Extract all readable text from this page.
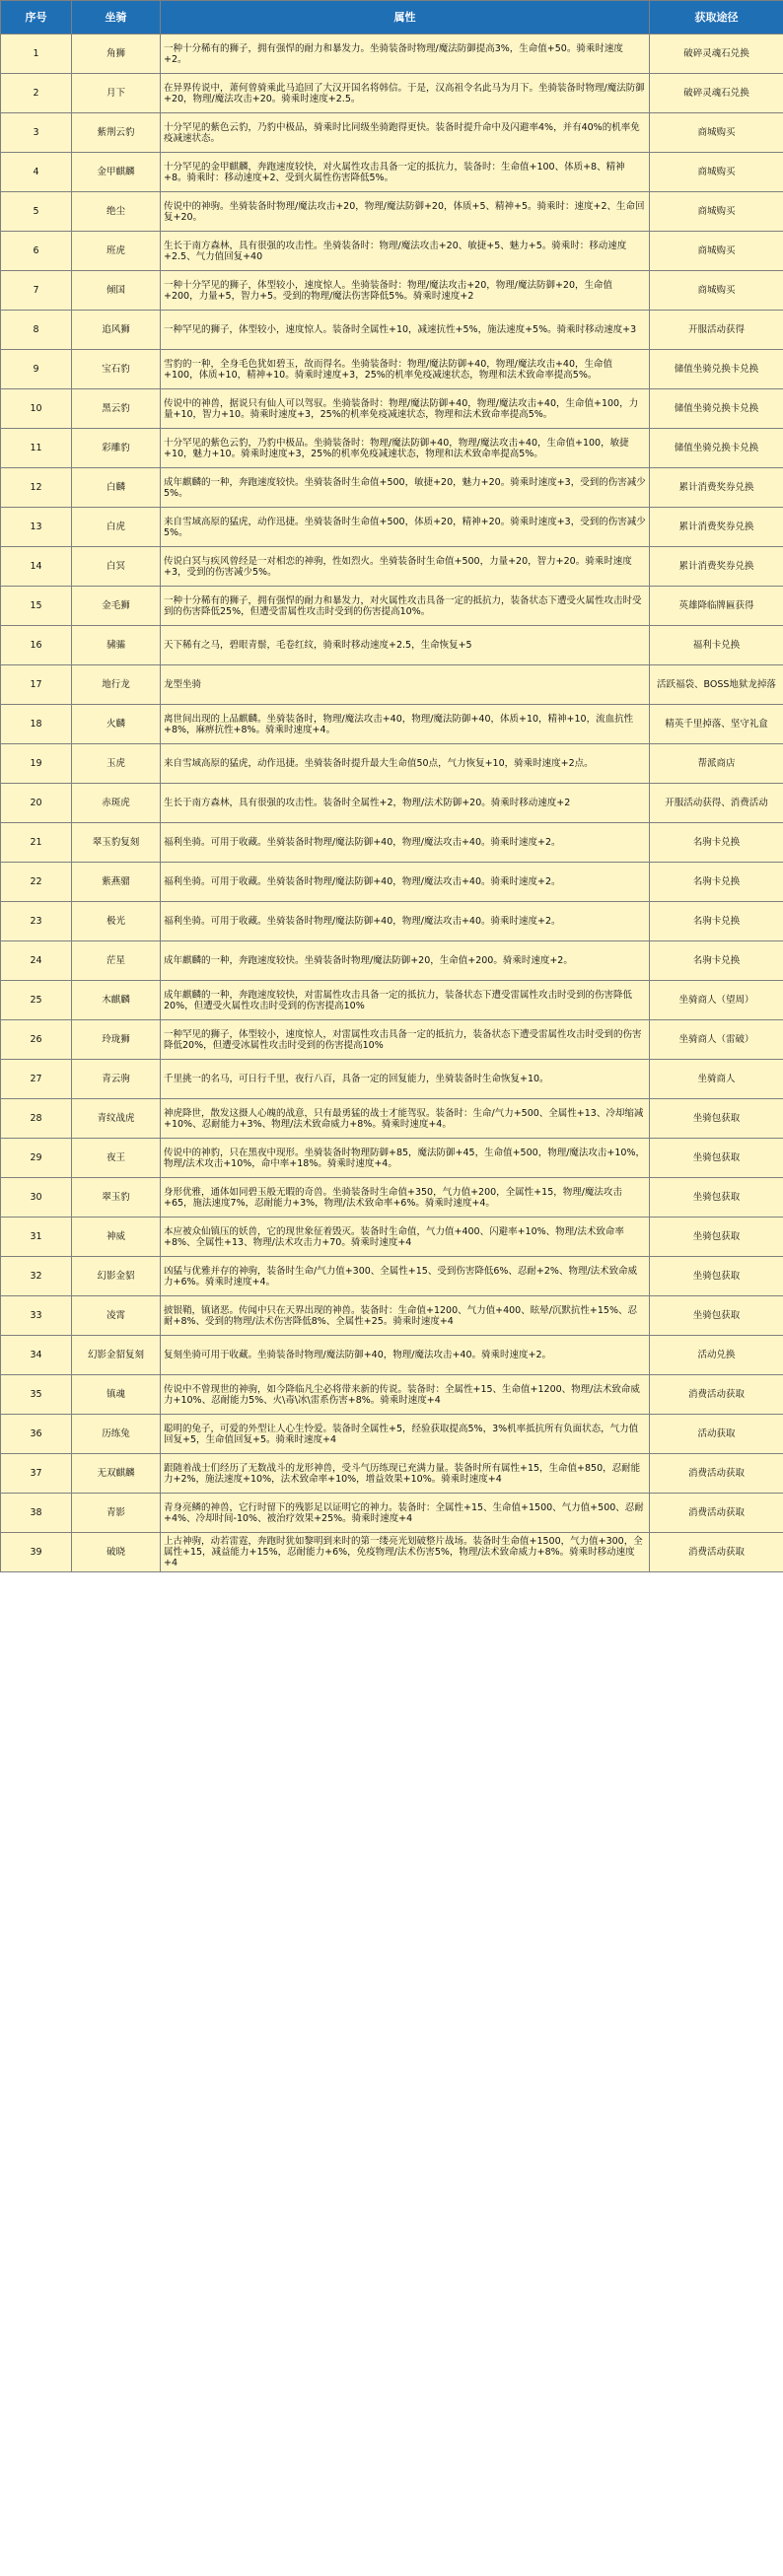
序号	坐骑	属性	获取途径
1	角狮	一种十分稀有的狮子，拥有强悍的耐力和暴发力。坐骑装备时物理/魔法防御提高3%，生命值+50。骑乘时速度+2。	破碎灵魂石兑换
2	月下	在异界传说中，萧何曾骑乘此马追回了大汉开国名将韩信。于是，汉高祖令名此马为月下。坐骑装备时物理/魔法防御+20，物理/魔法攻击+20。骑乘时速度+2.5。	破碎灵魂石兑换
3	紫荆云豹	十分罕见的紫色云豹，乃豹中极品，骑乘时比同级坐骑跑得更快。装备时提升命中及闪避率4%，并有40%的机率免疫减速状态。	商城购买
4	金甲麒麟	十分罕见的金甲麒麟，奔跑速度较快，对火属性攻击具备一定的抵抗力，装备时：生命值+100、体质+8、精神+8。骑乘时：移动速度+2、受到火属性伤害降低5%。	商城购买
5	绝尘	传说中的神驹。坐骑装备时物理/魔法攻击+20，物理/魔法防御+20，体质+5、精神+5。骑乘时：速度+2、生命回复+20。	商城购买
6	班虎	生长于南方森林，具有很强的攻击性。坐骑装备时：物理/魔法攻击+20、敏捷+5、魅力+5。骑乘时：移动速度+2.5、气力值回复+40	商城购买
7	倾国	一种十分罕见的狮子，体型较小，速度惊人。坐骑装备时：物理/魔法攻击+20，物理/魔法防御+20，生命值+200，力量+5，智力+5。受到的物理/魔法伤害降低5%。骑乘时速度+2	商城购买
8	追风狮	一种罕见的狮子，体型较小，速度惊人。装备时全属性+10，减速抗性+5%，施法速度+5%。骑乘时移动速度+3	开服活动获得
9	宝石豹	雪豹的一种，全身毛色犹如碧玉，故而得名。坐骑装备时：物理/魔法防御+40，物理/魔法攻击+40，生命值+100，体质+10，精神+10。骑乘时速度+3，25%的机率免疫减速状态，物理和法术致命率提高5%。	储值坐骑兑换卡兑换
10	黑云豹	传说中的神兽，据说只有仙人可以驾驭。坐骑装备时：物理/魔法防御+40，物理/魔法攻击+40，生命值+100，力量+10，智力+10。骑乘时速度+3，25%的机率免疫减速状态，物理和法术致命率提高5%。	储值坐骑兑换卡兑换
11	彩雕豹	十分罕见的紫色云豹，乃豹中极品。坐骑装备时：物理/魔法防御+40，物理/魔法攻击+40，生命值+100，敏捷+10，魅力+10。骑乘时速度+3，25%的机率免疫减速状态，物理和法术致命率提高5%。	储值坐骑兑换卡兑换
12	白麟	成年麒麟的一种，奔跑速度较快。坐骑装备时生命值+500，敏捷+20，魅力+20。骑乘时速度+3，受到的伤害减少5%。	累计消费奖券兑换
13	白虎	来自雪域高原的猛虎，动作迅捷。坐骑装备时生命值+500，体质+20，精神+20。骑乘时速度+3，受到的伤害减少5%。	累计消费奖券兑换
14	白冥	传说白冥与疾风曾经是一对相恋的神驹，性如烈火。坐骑装备时生命值+500，力量+20，智力+20。骑乘时速度+3，受到的伤害减少5%。	累计消费奖券兑换
15	金毛狮	一种十分稀有的狮子，拥有强悍的耐力和暴发力，对火属性攻击具备一定的抵抗力，装备状态下遭受火属性攻击时受到的伤害降低25%，但遭受雷属性攻击时受到的伤害提高10%。	英雄降临牌匾获得
16	骕骦	天下稀有之马，碧眼青鬃，毛卷红纹，骑乘时移动速度+2.5，生命恢复+5	福利卡兑换
17	地行龙	龙型坐骑	活跃福袋、BOSS地狱龙掉落
18	火麟	离世间出现的上品麒麟。坐骑装备时，物理/魔法攻击+40，物理/魔法防御+40，体质+10，精神+10，流血抗性+8%，麻痹抗性+8%。骑乘时速度+4。	精英千里掉落、坚守礼盒
19	玉虎	来自雪域高原的猛虎，动作迅捷。坐骑装备时提升最大生命值50点，气力恢复+10，骑乘时速度+2点。	帮派商店
20	赤斑虎	生长于南方森林，具有很强的攻击性。装备时全属性+2，物理/法术防御+20。骑乘时移动速度+2	开服活动获得、消费活动
21	翠玉豹复刻	福利坐骑。可用于收藏。坐骑装备时物理/魔法防御+40，物理/魔法攻击+40。骑乘时速度+2。	名驹卡兑换
22	紫燕骝	福利坐骑。可用于收藏。坐骑装备时物理/魔法防御+40，物理/魔法攻击+40。骑乘时速度+2。	名驹卡兑换
23	极光	福利坐骑。可用于收藏。坐骑装备时物理/魔法防御+40，物理/魔法攻击+40。骑乘时速度+2。	名驹卡兑换
24	茫星	成年麒麟的一种，奔跑速度较快。坐骑装备时物理/魔法防御+20，生命值+200。骑乘时速度+2。	名驹卡兑换
25	木麒麟	成年麒麟的一种，奔跑速度较快，对雷属性攻击具备一定的抵抗力，装备状态下遭受雷属性攻击时受到的伤害降低20%，但遭受火属性攻击时受到的伤害提高10%	坐骑商人（望周）
26	玲珑狮	一种罕见的狮子，体型较小，速度惊人，对雷属性攻击具备一定的抵抗力，装备状态下遭受雷属性攻击时受到的伤害降低20%，但遭受冰属性攻击时受到的伤害提高10%	坐骑商人（雷破）
27	青云驹	千里挑一的名马，可日行千里，夜行八百，具备一定的回复能力，坐骑装备时生命恢复+10。	坐骑商人
28	青纹战虎	神虎降世，散发这摄人心魄的战意，只有最勇猛的战士才能驾驭。装备时：生命/气力+500、全属性+13、冷却缩减+10%、忍耐能力+3%、物理/法术致命威力+8%。骑乘时速度+4。	坐骑包获取
29	夜王	传说中的神豹，只在黑夜中现形。坐骑装备时物理防御+85，魔法防御+45，生命值+500，物理/魔法攻击+10%，物理/法术攻击+10%，命中率+18%。骑乘时速度+4。	坐骑包获取
30	翠玉豹	身形优雅，通体如同碧玉般无暇的奇兽。坐骑装备时生命值+350，气力值+200，全属性+15，物理/魔法攻击+65，施法速度7%，忍耐能力+3%，物理/法术致命率+6%。骑乘时速度+4。	坐骑包获取
31	神威	本应被众仙镇压的妖兽，它的现世象征着毁灭。装备时生命值，气力值+400、闪避率+10%、物理/法术致命率+8%、全属性+13、物理/法术攻击力+70。骑乘时速度+4	坐骑包获取
32	幻影金貂	凶猛与优雅并存的神驹，装备时生命/气力值+300、全属性+15、受到伤害降低6%、忍耐+2%、物理/法术致命威力+6%。骑乘时速度+4。	坐骑包获取
33	凌霄	披银鞘，镇诸恶。传闻中只在天界出现的神兽。装备时：生命值+1200、气力值+400、眩晕/沉默抗性+15%、忍耐+8%、受到的物理/法术伤害降低8%、全属性+25。骑乘时速度+4	坐骑包获取
34	幻影金貂复刻	复刻坐骑可用于收藏。坐骑装备时物理/魔法防御+40，物理/魔法攻击+40。骑乘时速度+2。	活动兑换
35	镇魂	传说中不曾现世的神驹，如今降临凡尘必将带来新的传说。装备时：全属性+15、生命值+1200、物理/法术致命威力+10%、忍耐能力5%、火\毒\冰\雷系伤害+8%。骑乘时速度+4	消费活动获取
36	历练兔	聪明的兔子，可爱的外型让人心生怜爱。装备时全属性+5，经验获取提高5%，3%机率抵抗所有负面状态，气力值回复+5，生命值回复+5。骑乘时速度+4	活动获取
37	无双麒麟	跟随着战士们经历了无数战斗的龙形神兽，受斗气历练现已充满力量。装备时所有属性+15，生命值+850，忍耐能力+2%，施法速度+10%，法术致命率+10%，增益效果+10%。骑乘时速度+4	消费活动获取
38	青影	青身亮鳞的神兽，它行时留下的残影足以证明它的神力。装备时：全属性+15、生命值+1500、气力值+500、忍耐+4%、冷却时间-10%、被治疗效果+25%。骑乘时速度+4	消费活动获取
39	破晓	上古神驹，动若雷霆，奔跑时犹如黎明到来时的第一缕亮光划破整片战场。装备时生命值+1500，气力值+300，全属性+15，减益能力+15%，忍耐能力+6%，免疫物理/法术伤害5%，物理/法术致命威力+8%。骑乘时移动速度+4	消费活动获取
